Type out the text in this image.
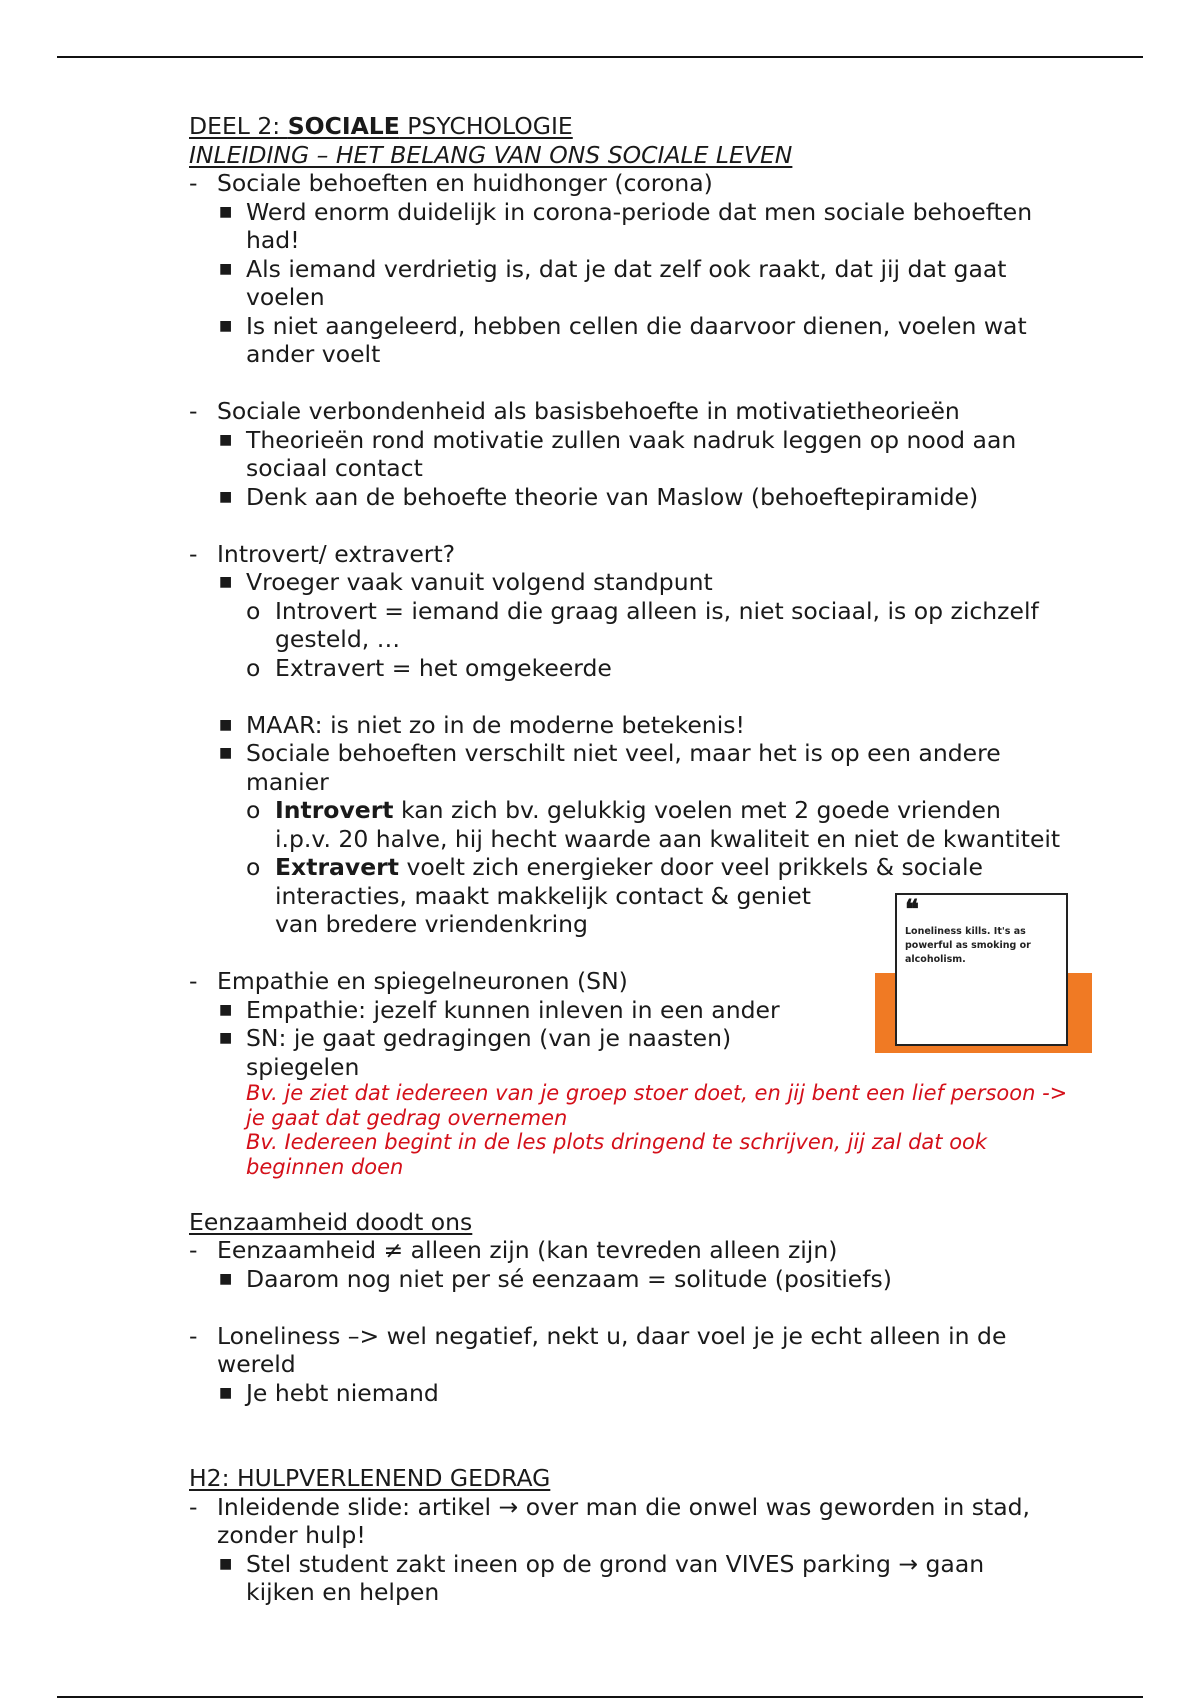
DEEL 2: SOCIALE PSYCHOLOGIE
INLEIDING – HET BELANG VAN ONS SOCIALE LEVEN
- Sociale behoeften en huidhonger (corona)
■ Werd enorm duidelijk in corona-periode dat men sociale behoeften
had!
■ Als iemand verdrietig is, dat je dat zelf ook raakt, dat jij dat gaat
voelen
■ Is niet aangeleerd, hebben cellen die daarvoor dienen, voelen wat
ander voelt
- Sociale verbondenheid als basisbehoefte in motivatietheorieën
■ Theorieën rond motivatie zullen vaak nadruk leggen op nood aan
sociaal contact
■ Denk aan de behoefte theorie van Maslow (behoeftepiramide)
- Introvert/ extravert?
■ Vroeger vaak vanuit volgend standpunt
o Introvert = iemand die graag alleen is, niet sociaal, is op zichzelf
gesteld, …
o Extravert = het omgekeerde
■ MAAR: is niet zo in de moderne betekenis!
■ Sociale behoeften verschilt niet veel, maar het is op een andere
manier
o Introvert kan zich bv. gelukkig voelen met 2 goede vrienden
i.p.v. 20 halve, hij hecht waarde aan kwaliteit en niet de kwantiteit
o Extravert voelt zich energieker door veel prikkels & sociale
interacties, maakt makkelijk contact & geniet
van bredere vriendenkring
- Empathie en spiegelneuronen (SN)
■ Empathie: jezelf kunnen inleven in een ander
■ SN: je gaat gedragingen (van je naasten)
spiegelen
Bv. je ziet dat iedereen van je groep stoer doet, en jij bent een lief persoon ->
je gaat dat gedrag overnemen
Bv. Iedereen begint in de les plots dringend te schrijven, jij zal dat ook
beginnen doen
Eenzaamheid doodt ons
- Eenzaamheid ≠ alleen zijn (kan tevreden alleen zijn)
■ Daarom nog niet per sé eenzaam = solitude (positiefs)
- Loneliness –> wel negatief, nekt u, daar voel je je echt alleen in de
wereld
■ Je hebt niemand
H2: HULPVERLENEND GEDRAG
- Inleidende slide: artikel → over man die onwel was geworden in stad,
zonder hulp!
■ Stel student zakt ineen op de grond van VIVES parking → gaan
kijken en helpen
❝
Loneliness kills. It's as powerful as smoking or alcoholism.
Close relationships, more than money or fame, are what keep people happy throughout their lives.
